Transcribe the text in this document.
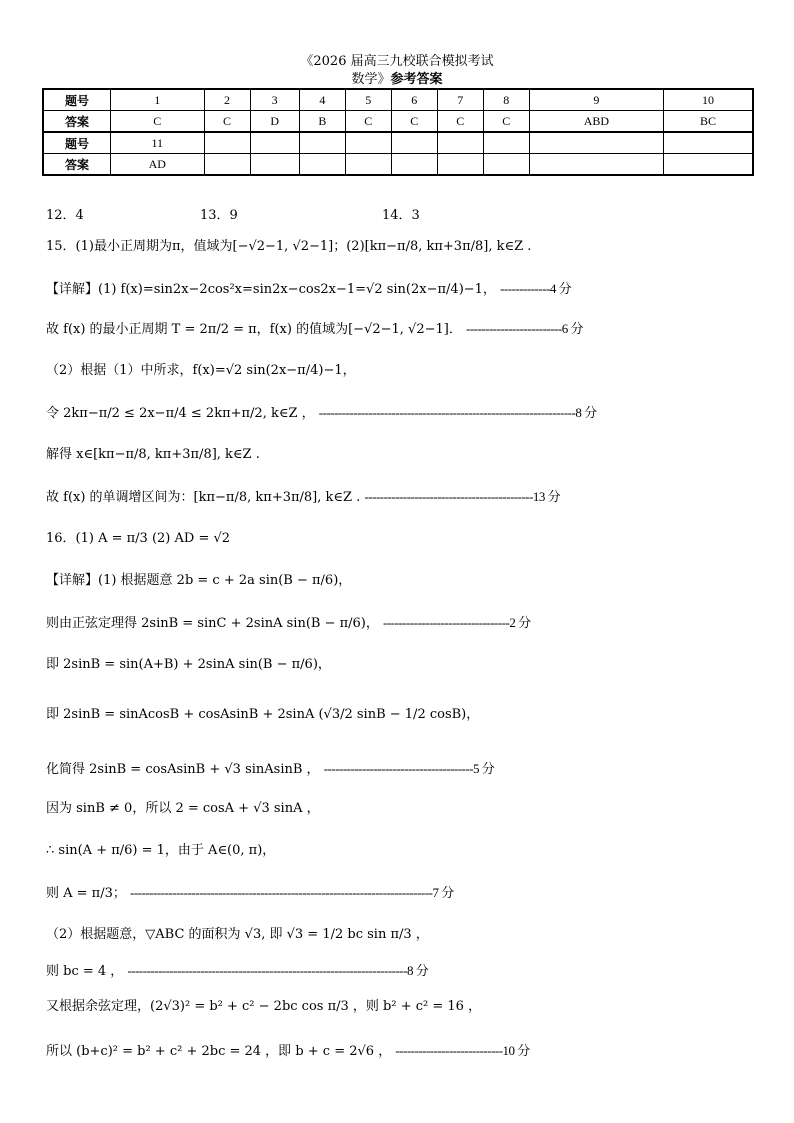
《2026 届高三九校联合模拟考试
数学》参考答案
题号	1	2	3	4	5	6	7	8	9	10
答案	C	C	D	B	C	C	C	C	ABD	BC
题号	11									
答案	AD									
12．4	13．9	14．3
15．(1)最小正周期为π，值域为[−√2−1, √2−1]；(2)[kπ−π/8, kπ+3π/8], k∈Z .
【详解】(1) f(x)=sin2x−2cos²x=sin2x−cos2x−1=√2 sin(2x−π/4)−1， -------------4 分
故 f(x) 的最小正周期 T = 2π/2 = π，f(x) 的值域为[−√2−1, √2−1]． -------------------------6 分
（2）根据（1）中所求，f(x)=√2 sin(2x−π/4)−1，
令 2kπ−π/2 ≤ 2x−π/4 ≤ 2kπ+π/2, k∈Z ， -------------------------------------------------------------------8 分
解得 x∈[kπ−π/8, kπ+3π/8], k∈Z .
故 f(x) 的单调增区间为：[kπ−π/8, kπ+3π/8], k∈Z . --------------------------------------------13 分
16．(1) A = π/3 (2) AD = √2
【详解】(1) 根据题意 2b = c + 2a sin(B − π/6)，
则由正弦定理得 2sinB = sinC + 2sinA sin(B − π/6)， ---------------------------------2 分
即 2sinB = sin(A+B) + 2sinA sin(B − π/6)，
即 2sinB = sinAcosB + cosAsinB + 2sinA (√3/2 sinB − 1/2 cosB)，
化简得 2sinB = cosAsinB + √3 sinAsinB ， ---------------------------------------5 分
因为 sinB ≠ 0，所以 2 = cosA + √3 sinA ，
∴ sin(A + π/6) = 1，由于 A∈(0, π)，
则 A = π/3； -------------------------------------------------------------------------------7 分
（2）根据题意，▽ABC 的面积为 √3, 即 √3 = 1/2 bc sin π/3 ，
则 bc = 4 ， -------------------------------------------------------------------------8 分
又根据余弦定理，(2√3)² = b² + c² − 2bc cos π/3 ，则 b² + c² = 16 ，
所以 (b+c)² = b² + c² + 2bc = 24 ，即 b + c = 2√6 ， ----------------------------10 分
